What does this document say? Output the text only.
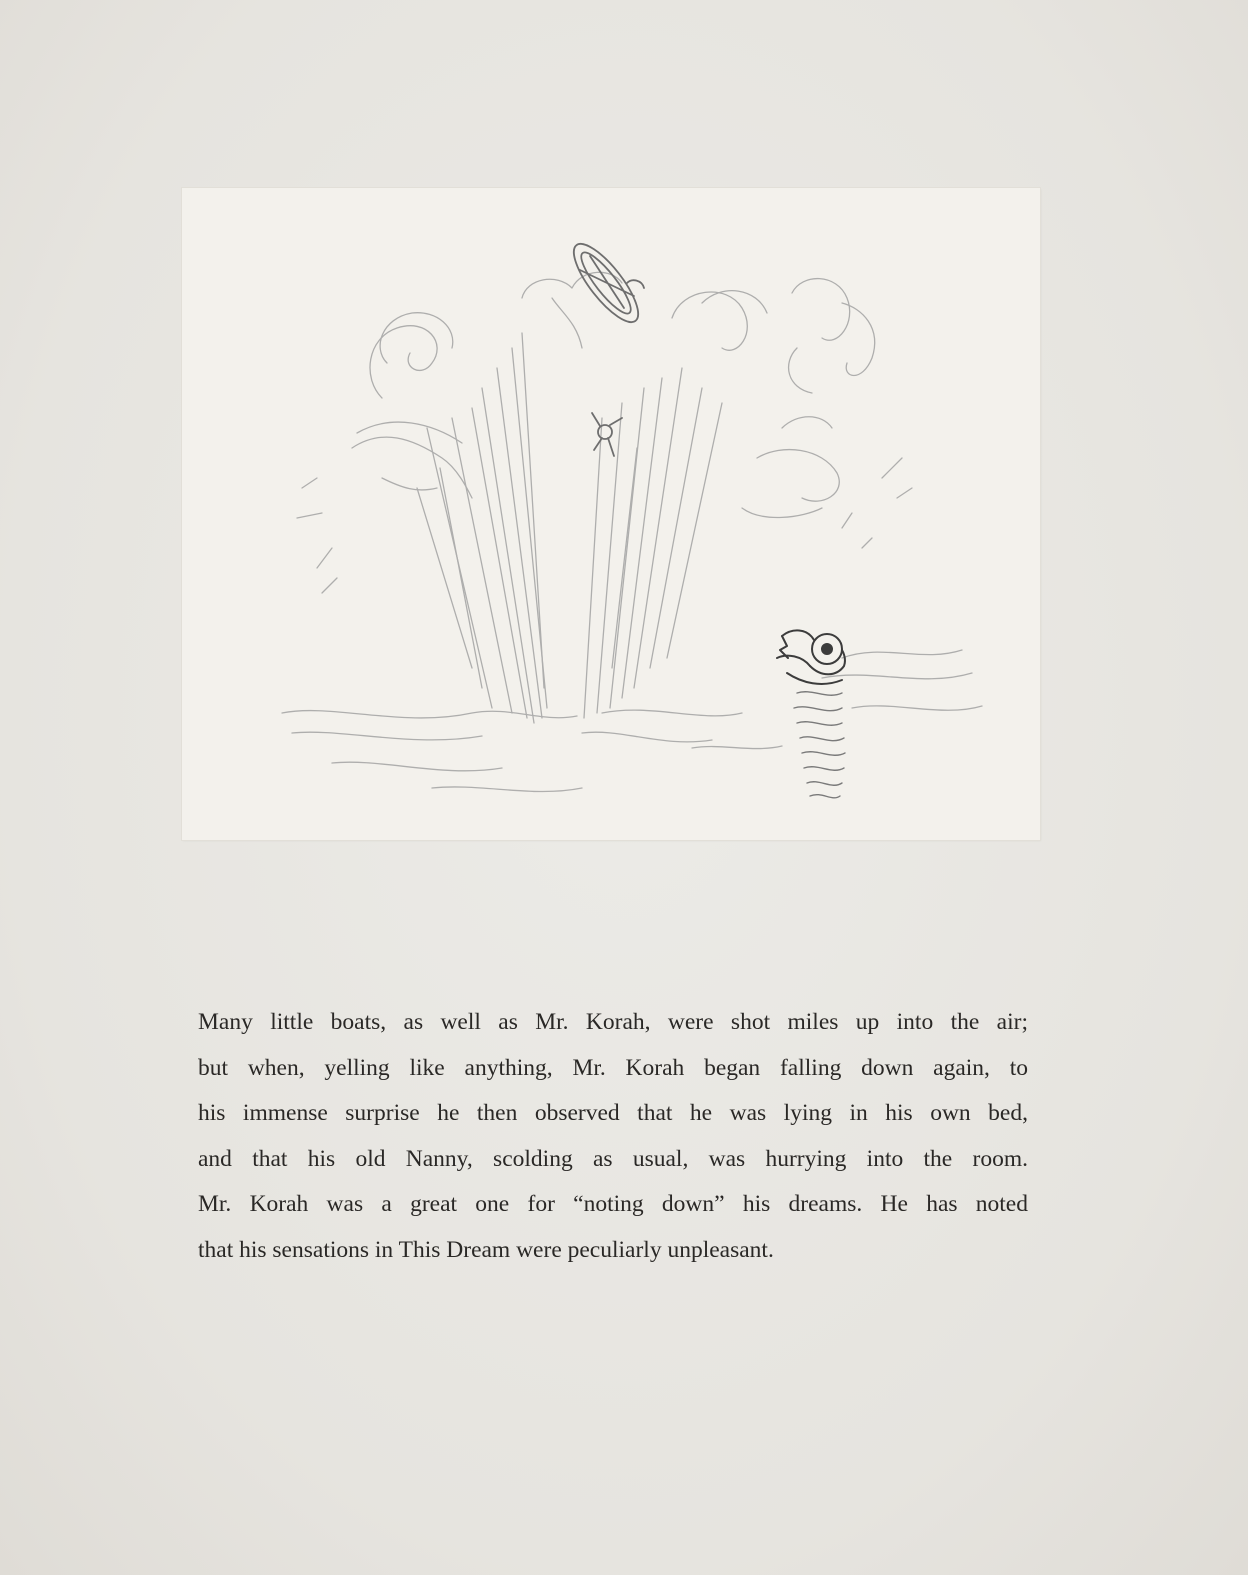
Many little boats, as well as Mr. Korah, were shot miles up into the air;
but when, yelling like anything, Mr. Korah began falling down again, to
his immense surprise he then observed that he was lying in his own bed,
and that his old Nanny, scolding as usual, was hurrying into the room.
Mr. Korah was a great one for “noting down” his dreams. He has noted
that his sensations in This Dream were peculiarly unpleasant.
